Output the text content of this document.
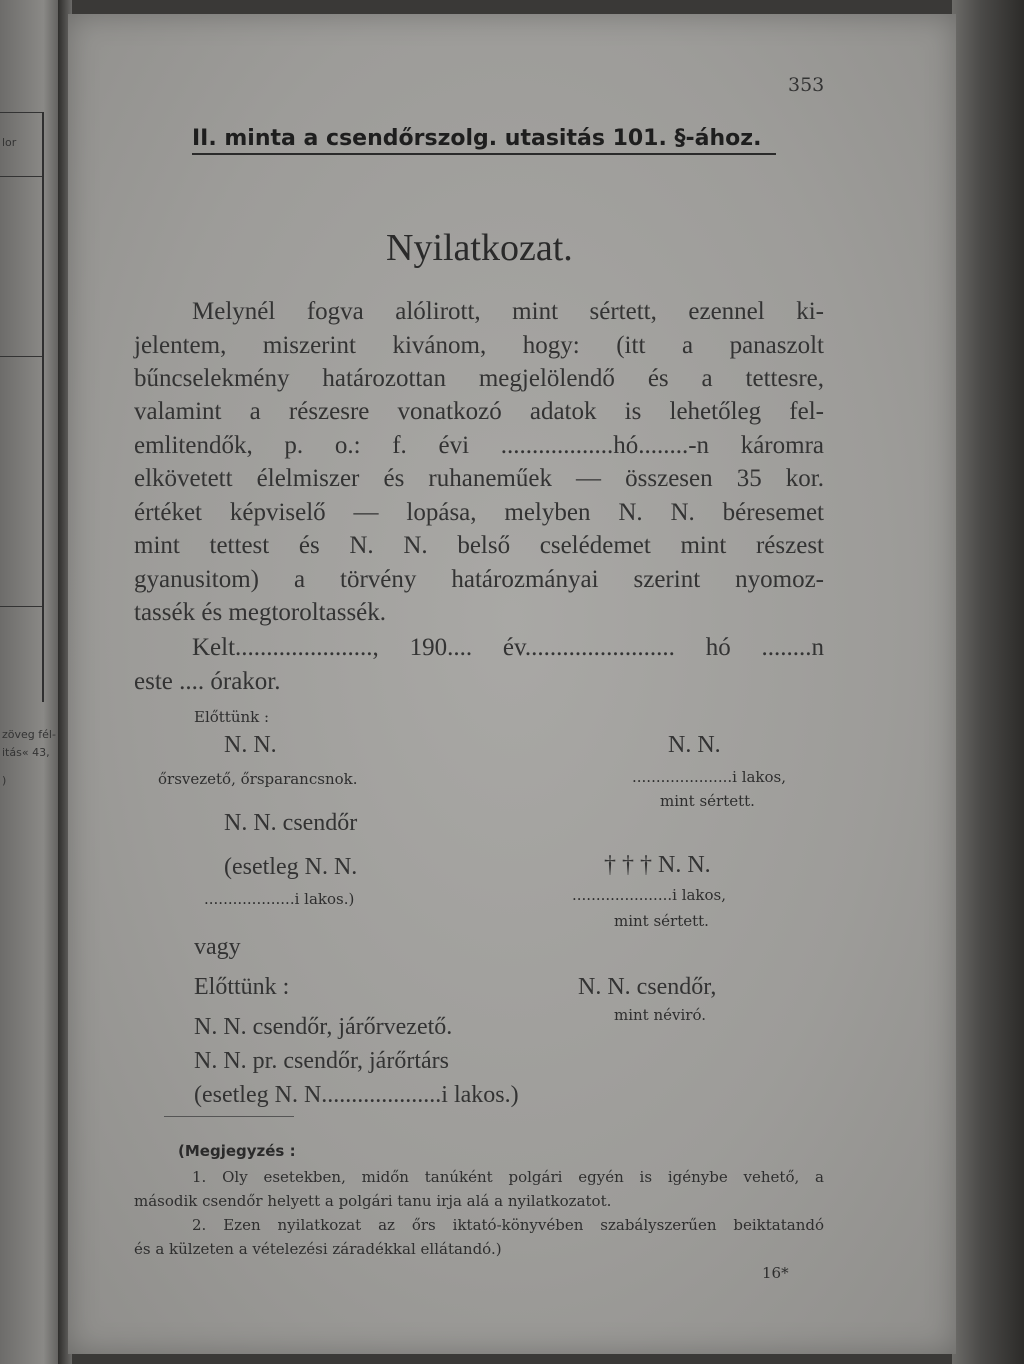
lor
zöveg fél-
itás« 43,
)
353
II. minta a csendőrszolg. utasitás 101. §-ához.
Nyilatkozat.
Melynél fogva alólirott, mint sértett, ezennel ki-
jelentem, miszerint kivánom, hogy: (itt a panaszolt
bűncselekmény határozottan megjelölendő és a tettesre,
valamint a részesre vonatkozó adatok is lehetőleg fel-
emlitendők, p. o.: f. évi ..................hó........-n káromra
elkövetett élelmiszer és ruhaneműek — összesen 35 kor.
értéket képviselő — lopása, melyben N. N. béresemet
mint tettest és N. N. belső cselédemet mint részest
gyanusitom) a törvény határozmányai szerint nyomoz-
tassék és megtoroltassék.
Kelt......................, 190.... év........................ hó ........n
este .... órakor.
Előttünk :
N. N.
őrsvezető, őrsparancsnok.
N. N. csendőr
(esetleg N. N.
...................i lakos.)
N. N.
.....................i lakos,
mint sértett.
† † † N. N.
.....................i lakos,
mint sértett.
vagy
Előttünk :
N. N. csendőr, járőrvezető.
N. N. pr. csendőr, járőrtárs
(esetleg N. N....................i lakos.)
N. N. csendőr,
mint néviró.
(Megjegyzés :
1. Oly esetekben, midőn tanúként polgári egyén is igénybe vehető, a
második csendőr helyett a polgári tanu irja alá a nyilatkozatot.
2. Ezen nyilatkozat az őrs iktató-könyvében szabályszerűen beiktatandó
és a külzeten a vételezési záradékkal ellátandó.)
16*
